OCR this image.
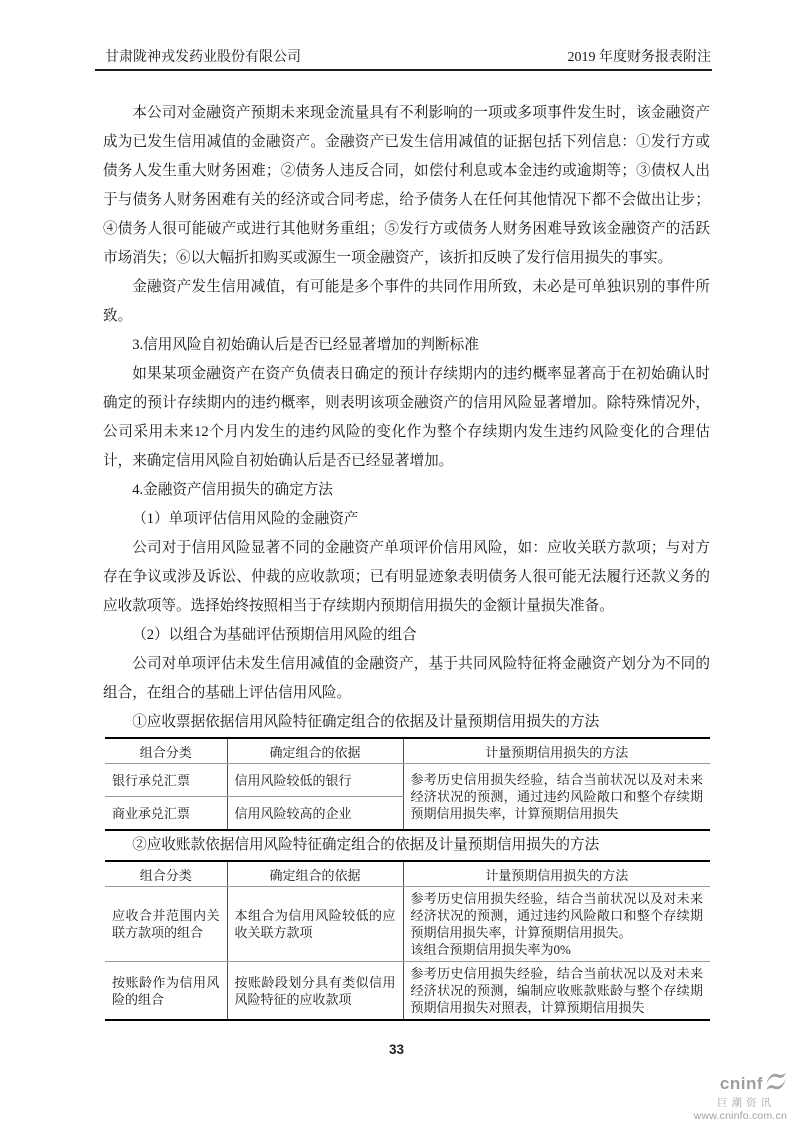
甘肃陇神戎发药业股份有限公司	2019 年度财务报表附注

本公司对金融资产预期未来现金流量具有不利影响的一项或多项事件发生时，该金融资产成为已发生信用减值的金融资产。金融资产已发生信用减值的证据包括下列信息：①发行方或债务人发生重大财务困难；②债务人违反合同，如偿付利息或本金违约或逾期等；③债权人出于与债务人财务困难有关的经济或合同考虑，给予债务人在任何其他情况下都不会做出让步；④债务人很可能破产或进行其他财务重组；⑤发行方或债务人财务困难导致该金融资产的活跃市场消失；⑥以大幅折扣购买或源生一项金融资产，该折扣反映了发行信用损失的事实。

金融资产发生信用减值，有可能是多个事件的共同作用所致，未必是可单独识别的事件所致。

3.信用风险自初始确认后是否已经显著增加的判断标准

如果某项金融资产在资产负债表日确定的预计存续期内的违约概率显著高于在初始确认时确定的预计存续期内的违约概率，则表明该项金融资产的信用风险显著增加。除特殊情况外，公司采用未来12个月内发生的违约风险的变化作为整个存续期内发生违约风险变化的合理估计，来确定信用风险自初始确认后是否已经显著增加。

4.金融资产信用损失的确定方法

（1）单项评估信用风险的金融资产

公司对于信用风险显著不同的金融资产单项评价信用风险，如：应收关联方款项；与对方存在争议或涉及诉讼、仲裁的应收款项；已有明显迹象表明债务人很可能无法履行还款义务的应收款项等。选择始终按照相当于存续期内预期信用损失的金额计量损失准备。

（2）以组合为基础评估预期信用风险的组合

公司对单项评估未发生信用减值的金融资产，基于共同风险特征将金融资产划分为不同的组合，在组合的基础上评估信用风险。

①应收票据依据信用风险特征确定组合的依据及计量预期信用损失的方法

组合分类	确定组合的依据	计量预期信用损失的方法
银行承兑汇票	信用风险较低的银行	参考历史信用损失经验，结合当前状况以及对未来经济状况的预测，通过违约风险敞口和整个存续期预期信用损失率，计算预期信用损失
商业承兑汇票	信用风险较高的企业	

②应收账款依据信用风险特征确定组合的依据及计量预期信用损失的方法

组合分类	确定组合的依据	计量预期信用损失的方法
应收合并范围内关联方款项的组合	本组合为信用风险较低的应收关联方款项	参考历史信用损失经验，结合当前状况以及对未来经济状况的预测，通过违约风险敞口和整个存续期预期信用损失率，计算预期信用损失。
该组合预期信用损失率为0%

按账龄作为信用风险的组合	按账龄段划分具有类似信用风险特征的应收款项	参考历史信用损失经验，结合当前状况以及对未来经济状况的预测，编制应收账款账龄与整个存续期预期信用损失对照表，计算预期信用损失
33
cninf
巨潮资讯
www.cninfo.com.cn
